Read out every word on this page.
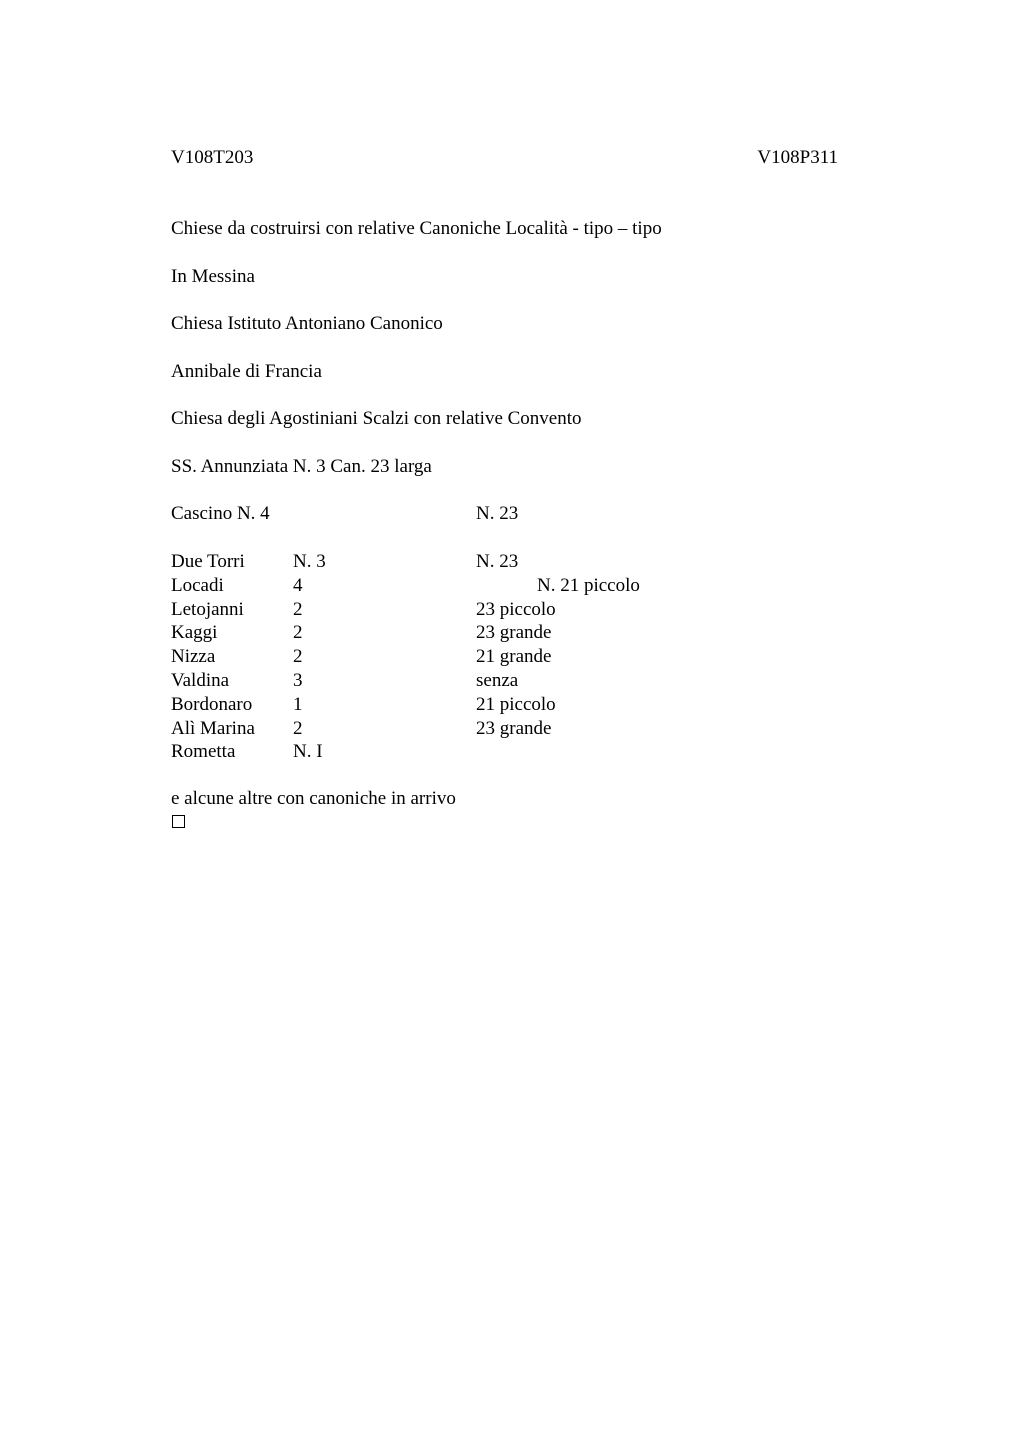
V108T203	V108P311
Chiese da costruirsi con relative Canoniche Località - tipo – tipo
In Messina
Chiesa Istituto Antoniano Canonico
Annibale di Francia
Chiesa degli Agostiniani Scalzi con relative Convento
SS. Annunziata N. 3 Can. 23 larga
Cascino N. 4	N. 23
Due Torri	N. 3	N. 23
Locadi	4	N. 21 piccolo
Letojanni	2	23 piccolo
Kaggi	2	23 grande
Nizza	2	21 grande
Valdina	3	senza
Bordonaro 1	21 piccolo
Alì Marina 2	23 grande
Rometta	N. I
e alcune altre con canoniche in arrivo
